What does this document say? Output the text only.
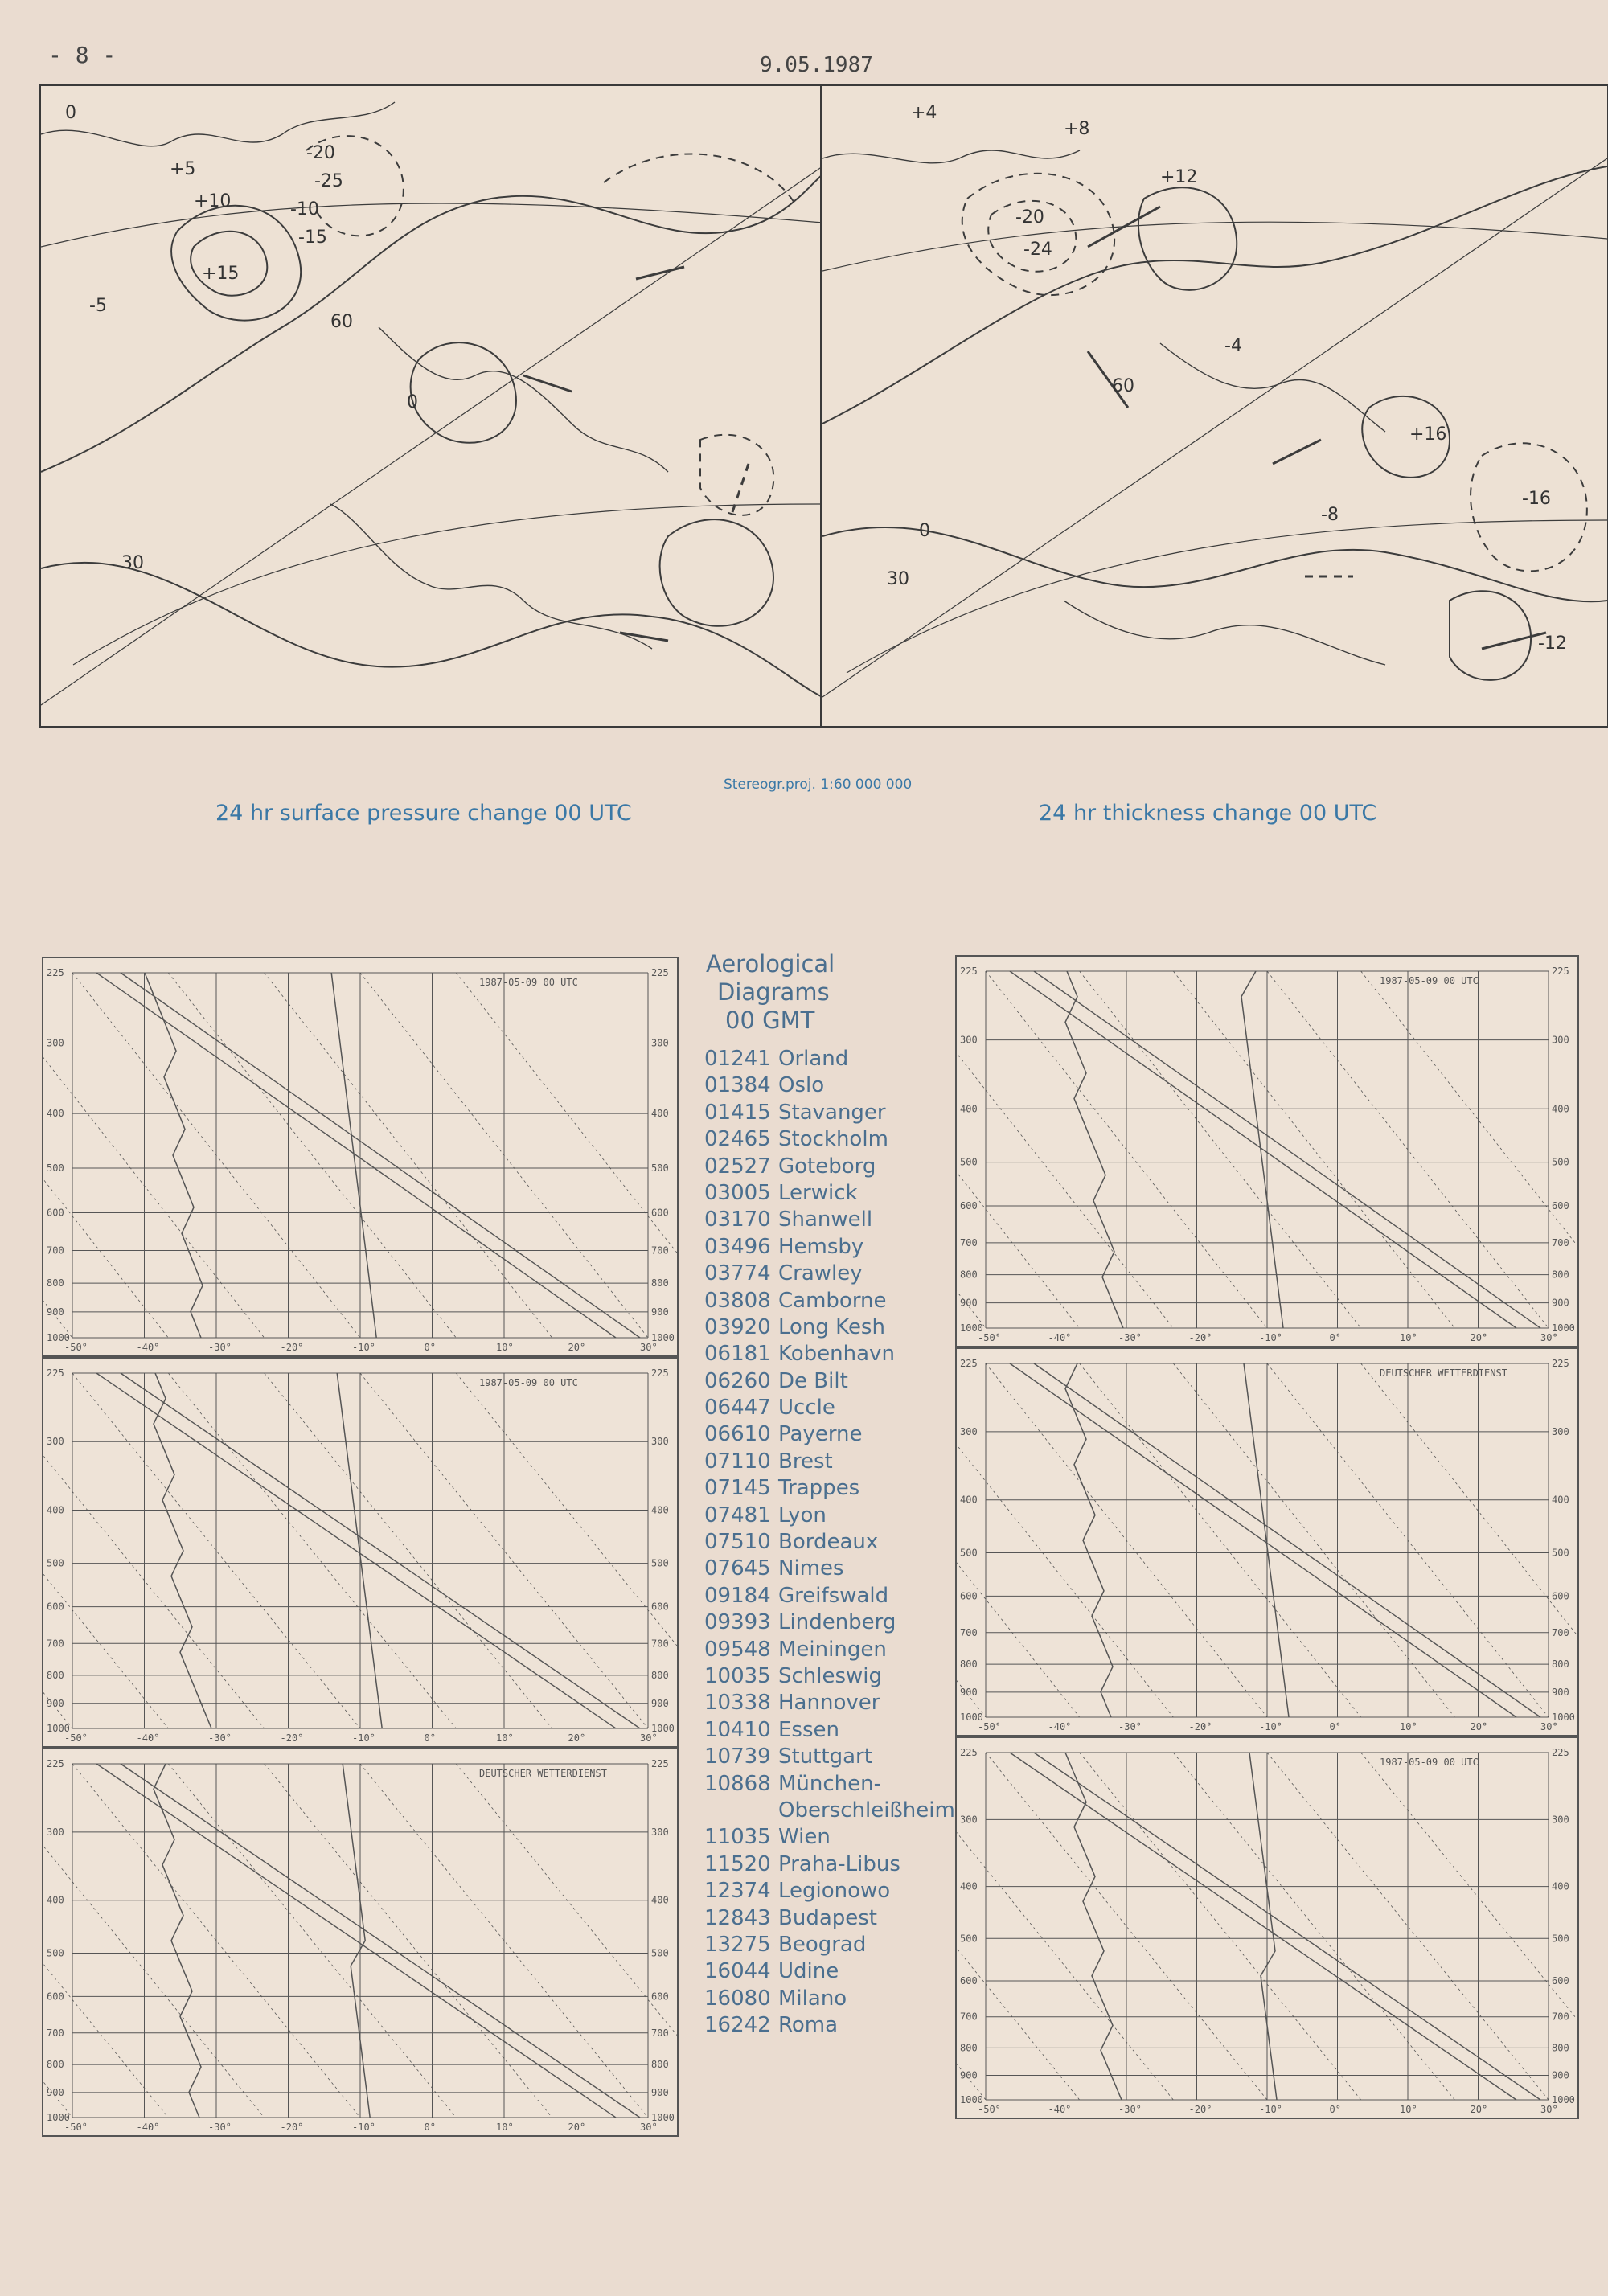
- 8 -	9.05.1987
0
+5
+10
+15
-5
-10
-15
-20
-25
30
60
0
+4
+8
+12
+16
-4
-8
-12
-16
-20
-24
0
30
60
Stereogr.proj. 1:60 000 000
24 hr surface pressure change 00 UTC	24 hr thickness change 00 UTC
225	225
300	300
400	400
500	500
600	600
700	700
800	800
900	900
1000	1000
-50°	-40°	-30°	-20°	-10°	0°	10°	20°	30°
1987-05-09 00 UTC
225	225
300	300
400	400
500	500
600	600
700	700
800	800
900	900
1000	1000
-50°	-40°	-30°	-20°	-10°	0°	10°	20°	30°
1987-05-09 00 UTC
225	225
300	300
400	400
500	500
600	600
700	700
800	800
900	900
1000	1000
-50°	-40°	-30°	-20°	-10°	0°	10°	20°	30°
DEUTSCHER WETTERDIENST
225	225
300	300
400	400
500	500
600	600
700	700
800	800
900	900
1000	1000
-50°	-40°	-30°	-20°	-10°	0°	10°	20°	30°
1987-05-09 00 UTC
225	225
300	300
400	400
500	500
600	600
700	700
800	800
900	900
1000	1000
-50°	-40°	-30°	-20°	-10°	0°	10°	20°	30°
DEUTSCHER WETTERDIENST
225	225
300	300
400	400
500	500
600	600
700	700
800	800
900	900
1000	1000
-50°	-40°	-30°	-20°	-10°	0°	10°	20°	30°
1987-05-09 00 UTC
Aerological
Diagrams
00 GMT
01241 Orland
01384 Oslo
01415 Stavanger
02465 Stockholm
02527 Goteborg
03005 Lerwick
03170 Shanwell
03496 Hemsby
03774 Crawley
03808 Camborne
03920 Long Kesh
06181 Kobenhavn
06260 De Bilt
06447 Uccle
06610 Payerne
07110 Brest
07145 Trappes
07481 Lyon
07510 Bordeaux
07645 Nimes
09184 Greifswald
09393 Lindenberg
09548 Meiningen
10035 Schleswig
10338 Hannover
10410 Essen
10739 Stuttgart
10868 München-
Oberschleißheim
11035 Wien
11520 Praha-Libus
12374 Legionowo
12843 Budapest
13275 Beograd
16044 Udine
16080 Milano
16242 Roma
